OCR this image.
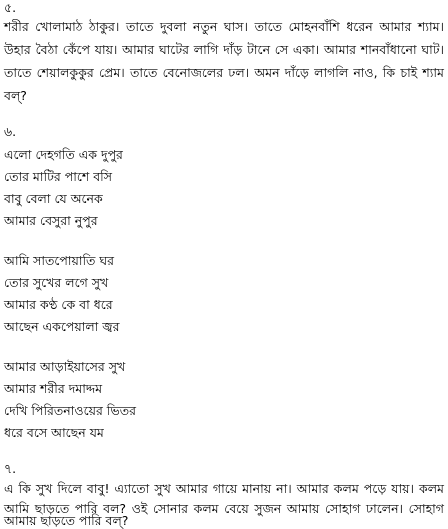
৫.
শরীর খোলামাঠ ঠাকুর। তাতে দুবলা নতুন ঘাস। তাতে মোহনবাঁশি ধরেন আমার শ্যাম।
উহার বৈঠা কেঁপে যায়। আমার ঘাটের লাগি দাঁড় টানে সে একা। আমার শানবাঁধানো ঘাট।
তাতে শেয়ালকুকুর প্রেম। তাতে বেনোজলের ঢল। অমন দাঁড়ে লাগলি নাও, কি চাই শ্যাম
বল্?
৬.
এলো দেহগতি এক দুপুর
তোর মাটির পাশে বসি
বাবু বেলা যে অনেক
আমার বেসুরা নুপুর
আমি সাতপোয়াতি ঘর
তোর সুখের লগে সুখ
আমার কণ্ঠ কে বা ধরে
আছেন একপেয়ালা জ্বর
আমার আড়াইয়াসের সুখ
আমার শরীর দমাদ্দম
দেখি পিরিতনাওয়ের ভিতর
ধরে বসে আছেন যম
৭.
এ কি সুখ দিলে বাবু! এ্যাতো সুখ আমার গায়ে মানায় না। আমার কলম পড়ে যায়। কলম
আমি ছাড়তে পারি বল? ওই সোনার কলম বেয়ে সুজন আমায় সোহাগ ঢালেন। সোহাগ
আমায় ছাড়তে পারি বল্?
